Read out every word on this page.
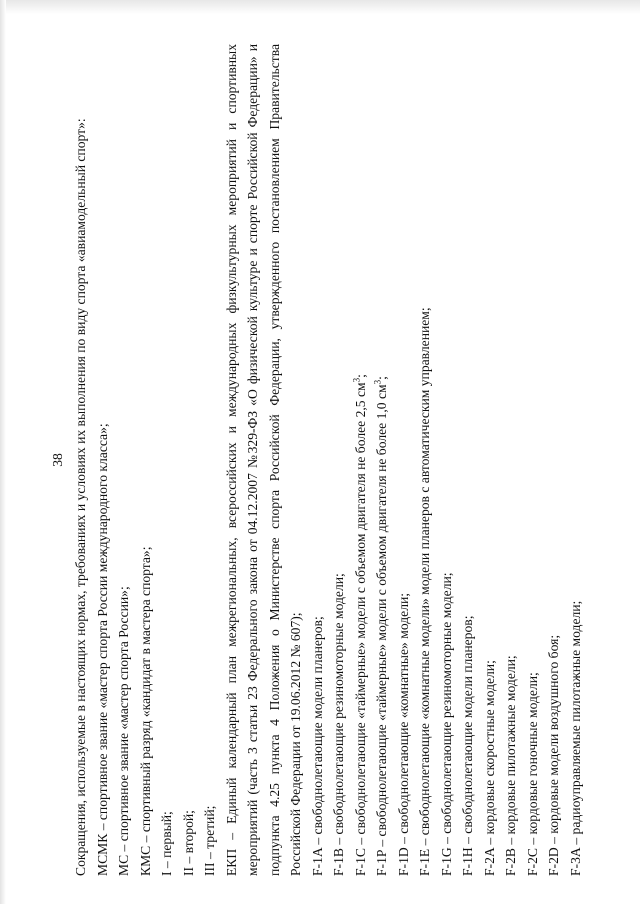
38 Сокращения, используемые в настоящих нормах, требованиях и условиях их выполнения по виду спорта «авиамодельный спорт»: МСМК – спортивное звание «мастер спорта России международного класса»; МС – спортивное звание «мастер спорта России»; КМС – спортивный разряд «кандидат в мастера спорта»; I – первый; II – второй; III – третий; ЕКП – Единый календарный план межрегиональных, всероссийских и международных физкультурных мероприятий и спортивных мероприятий (часть 3 статьи 23 Федерального закона от 04.12.2007 №329-ФЗ «О физической культуре и спорте Российской Федерации» и подпункта 4.25 пункта 4 Положения о Министерстве спорта Российской Федерации, утвержденного постановлением Правительства Российской Федерации от 19.06.2012 № 607); F-1A – свободнолетающие модели планеров; F-1B – свободнолетающие резиномоторные модели; F-1C – свободнолетающие «таймерные» модели с объемом двигателя не более 2,5 $см^3$;
F-1P – свободнолетающие «таймерные» модели с объемом двигателя не более 1,0 $см^3$;
F-1D – свободнолетающие «комнатные» модели; F-1E – свободнолетающие «комнатные модели» модели планеров с автоматическим управлением; F-1G – свободнолетающие резиномоторные модели; F-1H – свободнолетающие модели планеров; F-2A – кордовые скоростные модели; F-2B – кордовые пилотажные модели; F-2C – кордовые гоночные модели; F-2D – кордовые модели воздушного боя; F-3A – радиоуправляемые пилотажные модели;
